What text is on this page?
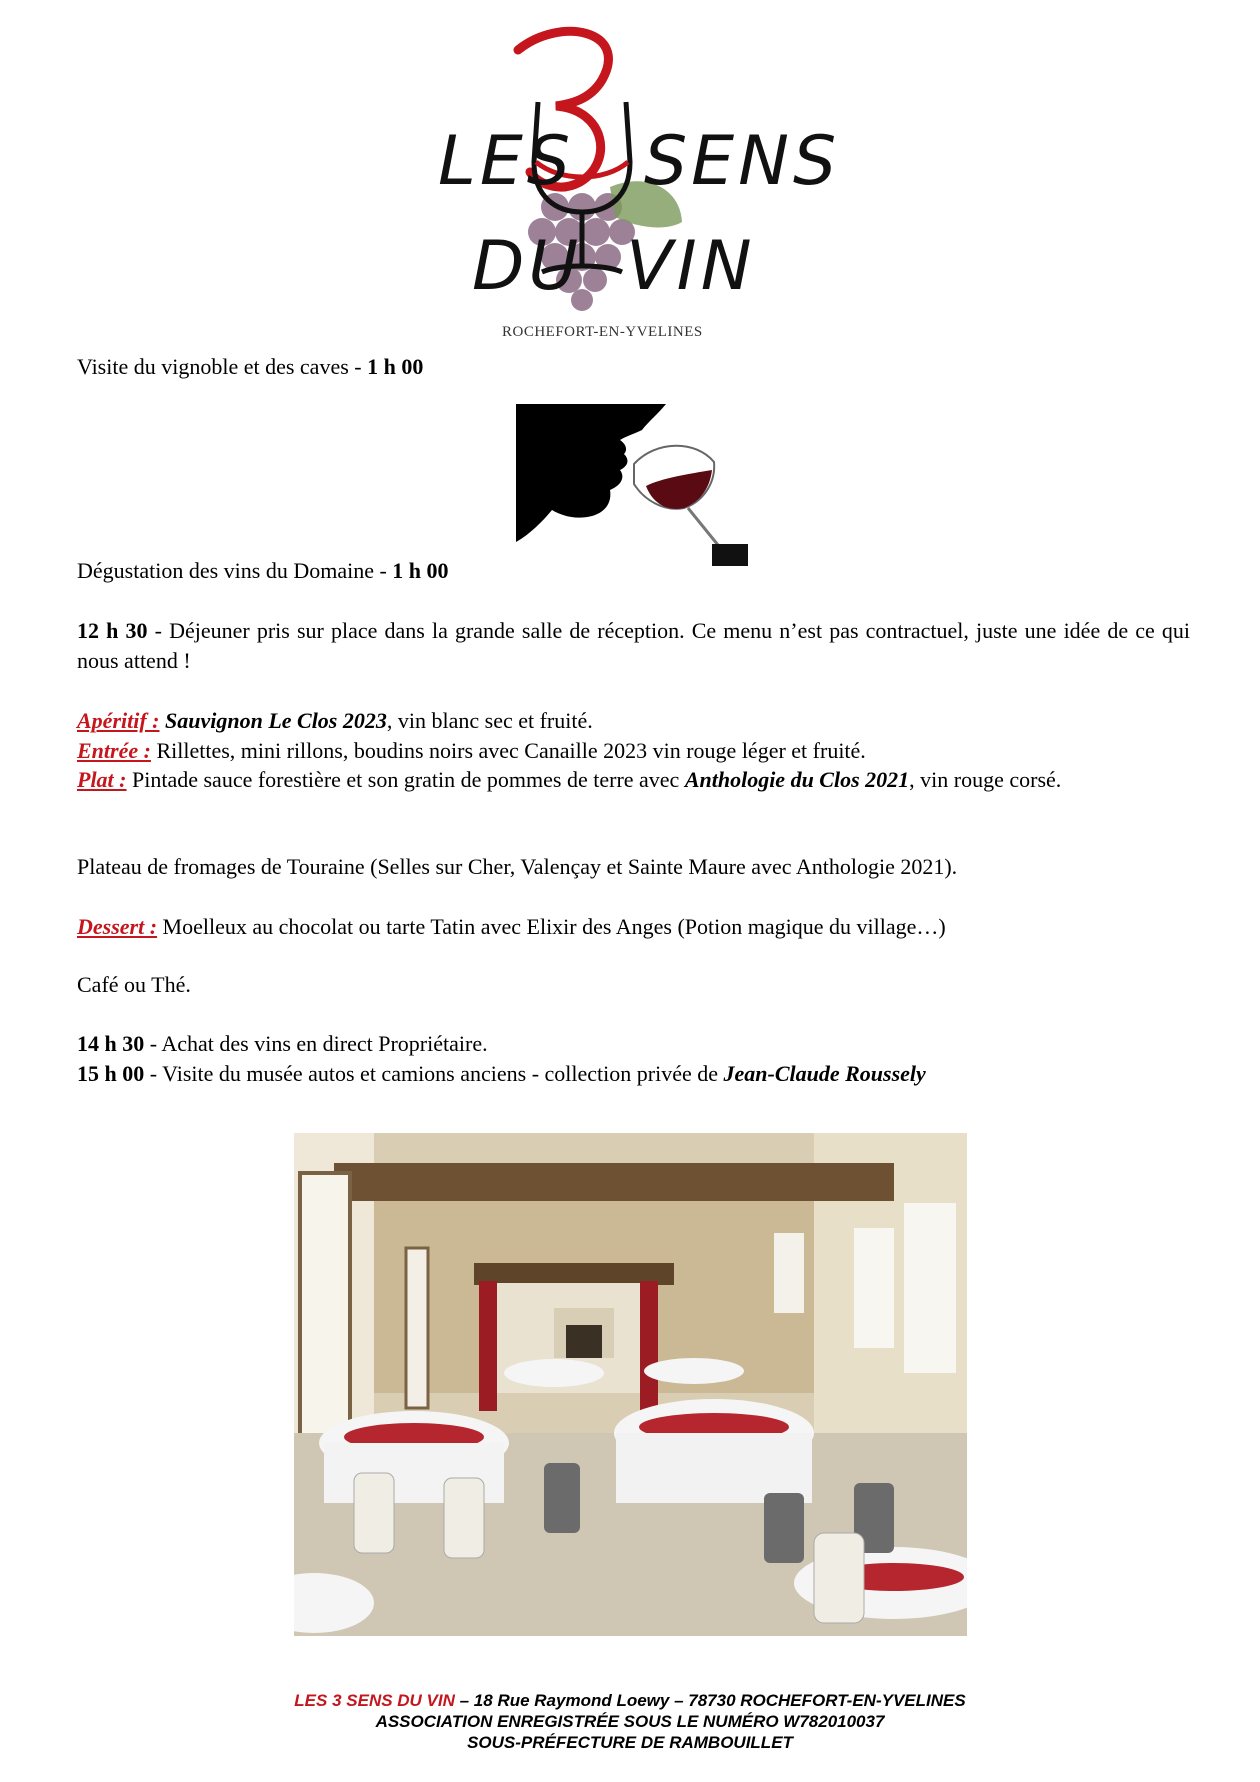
LES SENS
DU VIN
ROCHEFORT-EN-YVELINES
Visite du vignoble et des caves - 1 h 00
Dégustation des vins du Domaine - 1 h 00
12 h 30 - Déjeuner pris sur place dans la grande salle de réception. Ce menu n’est pas contractuel, juste une idée de ce qui nous attend !
Apéritif : Sauvignon Le Clos 2023, vin blanc sec et fruité.
Entrée : Rillettes, mini rillons, boudins noirs avec Canaille 2023 vin rouge léger et fruité.
Plat : Pintade sauce forestière et son gratin de pommes de terre avec Anthologie du Clos 2021, vin rouge corsé.
Plateau de fromages de Touraine (Selles sur Cher, Valençay et Sainte Maure avec Anthologie 2021).
Dessert : Moelleux au chocolat ou tarte Tatin avec Elixir des Anges (Potion magique du village…)
Café ou Thé.
14 h 30 - Achat des vins en direct Propriétaire.
15 h 00 - Visite du musée autos et camions anciens - collection privée de Jean-Claude Roussely
LES 3 SENS DU VIN – 18 Rue Raymond Loewy – 78730 ROCHEFORT-EN-YVELINES
ASSOCIATION ENREGISTRÉE SOUS LE NUMÉRO W782010037
SOUS-PRÉFECTURE DE RAMBOUILLET
